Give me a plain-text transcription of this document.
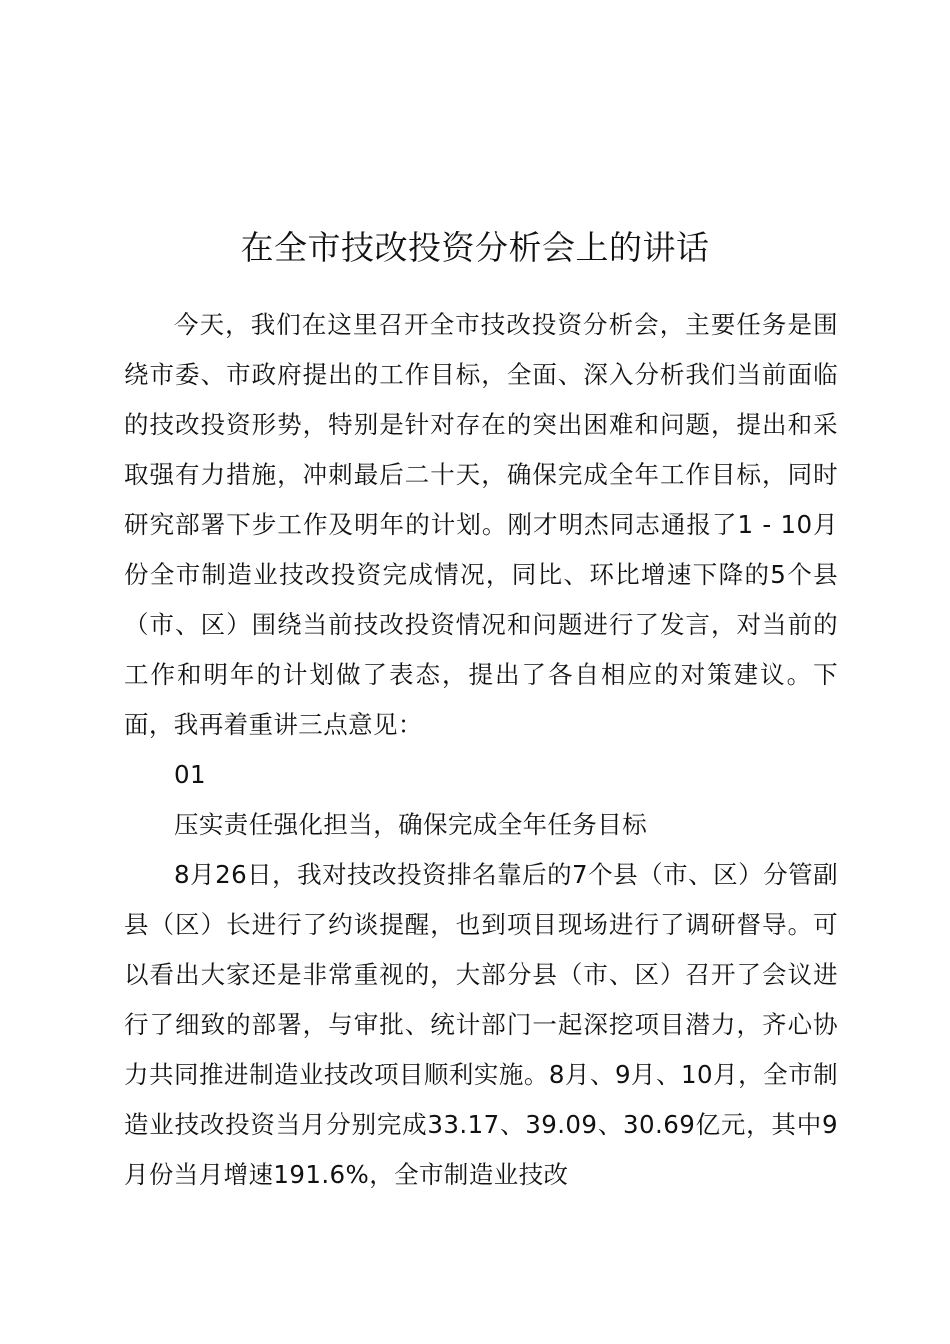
在全市技改投资分析会上的讲话

今天，我们在这里召开全市技改投资分析会，主要任务是围绕市委、市政府提出的工作目标，全面、深入分析我们当前面临的技改投资形势，特别是针对存在的突出困难和问题，提出和采取强有力措施，冲刺最后二十天，确保完成全年工作目标，同时研究部署下步工作及明年的计划。刚才明杰同志通报了1 - 10月份全市制造业技改投资完成情况，同比、环比增速下降的5个县（市、区）围绕当前技改投资情况和问题进行了发言，对当前的工作和明年的计划做了表态，提出了各自相应的对策建议。下面，我再着重讲三点意见：

01

压实责任强化担当，确保完成全年任务目标

8月26日，我对技改投资排名靠后的7个县（市、区）分管副县（区）长进行了约谈提醒，也到项目现场进行了调研督导。可以看出大家还是非常重视的，大部分县（市、区）召开了会议进行了细致的部署，与审批、统计部门一起深挖项目潜力，齐心协力共同推进制造业技改项目顺利实施。8月、9月、10月，全市制造业技改投资当月分别完成33.17、39.09、30.69亿元，其中9月份当月增速191.6%，全市制造业技改
